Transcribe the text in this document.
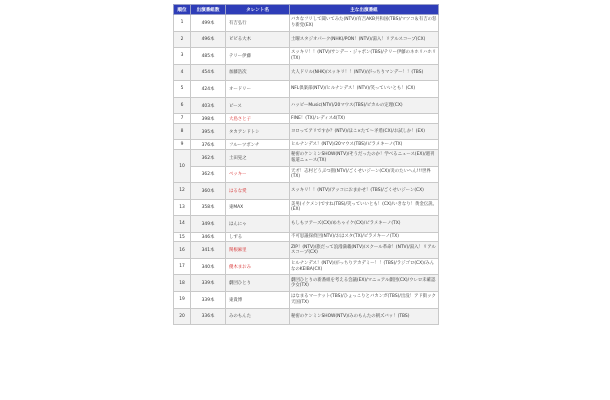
順位	出演番組数	タレント名	主な出演番組
1	499本	有吉弘行	バカなフリして聞いてみた(NTV)/有吉AKB共和国(TBS)/マツコ＆有吉の怒り新党(EX)
2	496本	ビビる大木	土曜スタジオパーク(NHK)/PON！(NTV)/湯入！リアルスコープ(CX)
3	485本	テリー伊藤	スッキリ！！(NTV)/サンデー・ジャポン(TBS)/テリー伊藤のネホリハホリ(TX)
4	454本	加藤浩次	大人ドリル(NHK)/スッキリ！！(NTV)/がっちりマンデー！！(TBS)
5	424本	オードリー	NFL倶楽部(NTV)/ヒルナンデス！(NTV)/笑っていいとも！(CX)
6	403本	ピース	ハッピーMusic(NTV)/20マウス(TBS)/ピカルの定理(CX)
7	398本	大島さと子	FINE！(TX)/レディス4(TX)
8	395本	タカアンドトシ	ヨロってアリですか？(NTV)/ほこ×たて～矛盾(CX)/お試しか！(EX)
9	376本	フルーツポンチ	ヒルナンデス！(NTV)/20マウス(TBS)/ピラメキーノ(TX)
10	362本	土田晃之	秘密のケンミンSHOW(NTV)/そうだったのか！学べるニュース(EX)/週刊報道ニュース(TX)
	362本	ベッキー	天才！志村どうぶつ園(NTV)/ごくせいジーン(CX)/炎のたいへん!!!世界(TX)
12	360本	はるな愛	スッキリ！！(NTV)/アッコにおまかせ！(TBS)/ごくせいジーン(CX)
13	358本	東MAX	美男(イケメン)ですね(TBS)/笑っていいとも！(CX)/いきなり！黄金伝説。(EX)
14	349本	はんにゃ	もしもツアーズ(CX)/めちゃイケ(CX)/ピラメキーノ(TX)
15	346本	しずる	不可思議探偵団(NTV)/おはスタ(TX)/ピラメキーノ(TX)
16	341本	関根麻里	ZIP！(NTV)/旅だって浪漫満載(NTV)/スクール革命！(NTV)/湯入！リアルスコープ(CX)
17	340本	優木まおみ	ヒルナンデス！(NTV)/がっちりアカデミー！！(TBS)/ラジゴロ(CX)/みんなのKEIBA(CX)
18	339本	劇団ひとり	劇団ひとりの新番組を考える会議(EX)/マニュアル劇団(CX)/ウレロ未確認少女(TX)
19	339本	東貴博	はなまるマーケット(TBS)/ひょっこりとバカンガ(TBS)/出没！アド街ック天国(TX)
20	336本	みのもんた	秘密のケンミンSHOW(NTV)/みのもんたの朝ズバッ！(TBS)
